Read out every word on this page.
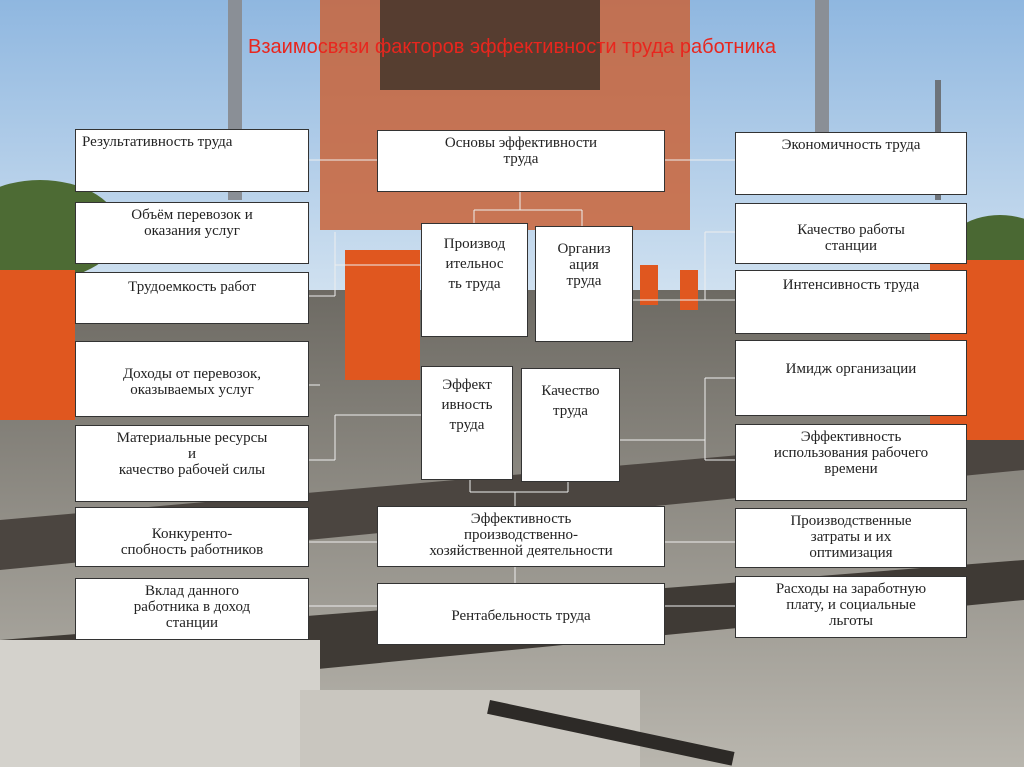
Взаимосвязи факторов эффективности труда работника
Результативность труда
Объём перевозок и
оказания услуг
Трудоемкость работ
Доходы от перевозок,
оказываемых услуг
Материальные ресурсы
и
качество рабочей силы
Конкуренто-
спобность работников
Вклад данного
работника в доход
станции
Основы эффективности
труда
Производ
ительнос
ть труда
Организ
ация
труда
Эффект
ивность
труда
Качество
труда
Эффективность
производственно-
хозяйственной деятельности
Рентабельность труда
Экономичность труда
Качество работы
станции
Интенсивность труда
Имидж организации
Эффективность
использования рабочего
времени
Производственные
затраты и их
оптимизация
Расходы на заработную
плату, и социальные
льготы
